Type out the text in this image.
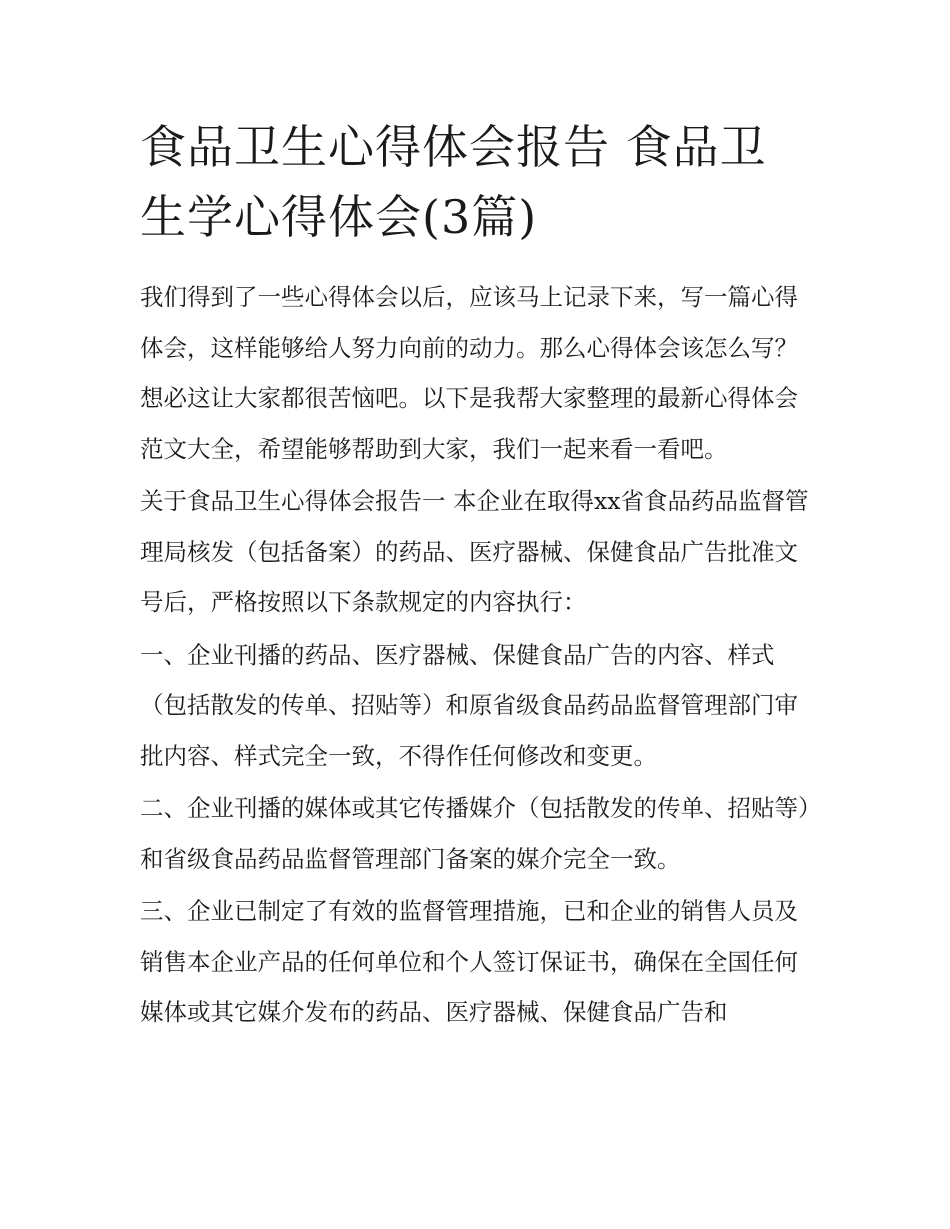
食品卫生心得体会报告 食品卫生学心得体会(3篇)

我们得到了一些心得体会以后，应该马上记录下来，写一篇心得体会，这样能够给人努力向前的动力。那么心得体会该怎么写？想必这让大家都很苦恼吧。以下是我帮大家整理的最新心得体会范文大全，希望能够帮助到大家，我们一起来看一看吧。

关于食品卫生心得体会报告一 本企业在取得xx省食品药品监督管理局核发（包括备案）的药品、医疗器械、保健食品广告批准文号后，严格按照以下条款规定的内容执行：

一、企业刊播的药品、医疗器械、保健食品广告的内容、样式（包括散发的传单、招贴等）和原省级食品药品监督管理部门审批内容、样式完全一致，不得作任何修改和变更。

二、企业刊播的媒体或其它传播媒介（包括散发的传单、招贴等）和省级食品药品监督管理部门备案的媒介完全一致。

三、企业已制定了有效的监督管理措施，已和企业的销售人员及销售本企业产品的任何单位和个人签订保证书，确保在全国任何媒体或其它媒介发布的药品、医疗器械、保健食品广告和
